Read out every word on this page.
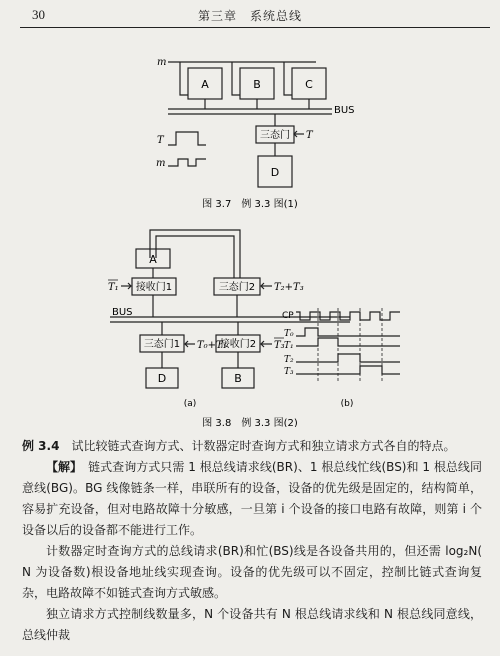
30	第三章　系统总线
m
A	B	C
BUS
三态门 T
D
T
m
图 3.7　例 3.3 图(1)
A
接收门1
T₁	三态门2 T₂+T₃
BUS
三态门1 T₀+T₁
接收门2 T₃
D	B
(a)	(b)
CP
T₀
T₁
T₂
T₃
图 3.8　例 3.3 图(2)

例 3.4　 试比较链式查询方式、计数器定时查询方式和独立请求方式各自的特点。

【解】　 链式查询方式只需 1 根总线请求线(BR)、1 根总线忙线(BS)和 1 根总线同意线(BG)。BG 线像链条一样，串联所有的设备，设备的优先级是固定的，结构简单，容易扩充设备，但对电路故障十分敏感，一旦第 i 个设备的接口电路有故障，则第 i 个设备以后的设备都不能进行工作。

计数器定时查询方式的总线请求(BR)和忙(BS)线是各设备共用的，但还需 log₂N( N 为设备数)根设备地址线实现查询。设备的优先级可以不固定，控制比链式查询复杂，电路故障不如链式查询方式敏感。

独立请求方式控制线数量多，N 个设备共有 N 根总线请求线和 N 根总线同意线，总线仲裁
